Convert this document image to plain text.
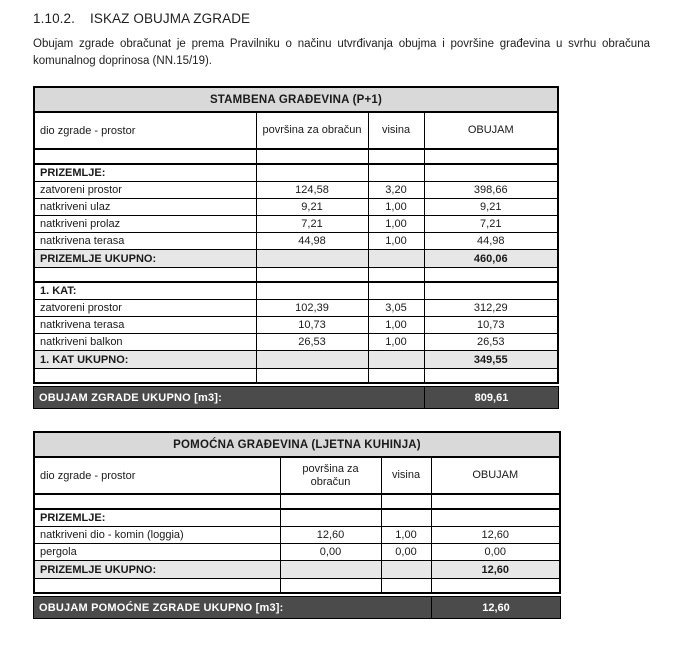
1.10.2. ISKAZ OBUJMA ZGRADE

Obujam zgrade obračunat je prema Pravilniku o načinu utvrđivanja obujma i površine građevina u svrhu obračuna komunalnog doprinosa (NN.15/19).

STAMBENA GRAĐEVINA (P+1)			
dio zgrade - prostor	površina za obračun	visina	OBUJAM

PRIZEMLJE:			
zatvoreni prostor	124,58	3,20	398,66
natkriveni ulaz	9,21	1,00	9,21
natkriveni prolaz	7,21	1,00	7,21
natkrivena terasa	44,98	1,00	44,98
PRIZEMLJE UKUPNO:			460,06

1. KAT:			
zatvoreni prostor	102,39	3,05	312,29
natkrivena terasa	10,73	1,00	10,73
natkriveni balkon	26,53	1,00	26,53
1. KAT UKUPNO:			349,55

OBUJAM ZGRADE UKUPNO [m3]:	809,61
POMOĆNA GRAĐEVINA (LJETNA KUHINJA)			
dio zgrade - prostor	površina za obračun	visina	OBUJAM

PRIZEMLJE:			
natkriveni dio - komin (loggia)	12,60	1,00	12,60
pergola	0,00	0,00	0,00
PRIZEMLJE UKUPNO:			12,60

OBUJAM POMOĆNE ZGRADE UKUPNO [m3]:	12,60
